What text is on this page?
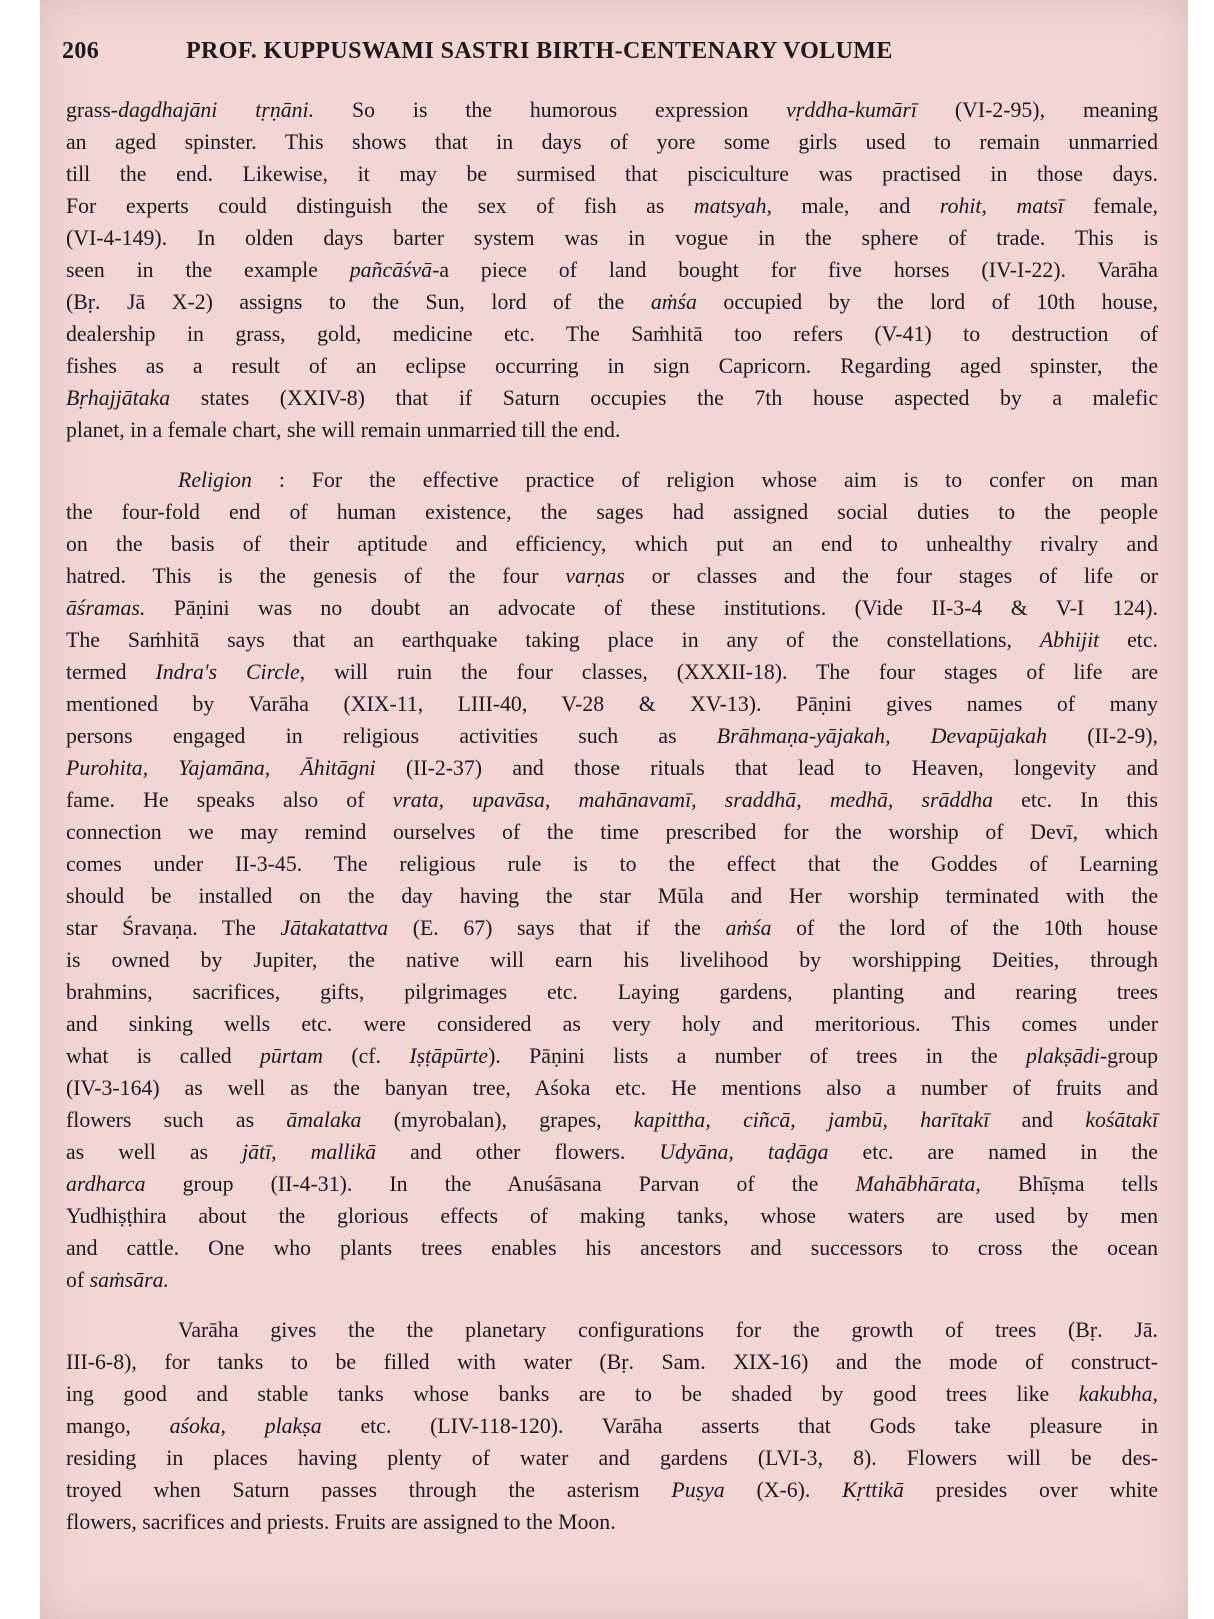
206	PROF. KUPPUSWAMI SASTRI BIRTH-CENTENARY VOLUME
grass-dagdhajāni tṛṇāni. So is the humorous expression vṛddha-kumārī (VI-2-95), meaning
an aged spinster. This shows that in days of yore some girls used to remain unmarried
till the end. Likewise, it may be surmised that pisciculture was practised in those days.
For experts could distinguish the sex of fish as matsyah, male, and rohit, matsī female,
(VI-4-149). In olden days barter system was in vogue in the sphere of trade. This is
seen in the example pañcāśvā-a piece of land bought for five horses (IV-I-22). Varāha
(Bṛ. Jā X-2) assigns to the Sun, lord of the aṁśa occupied by the lord of 10th house,
dealership in grass, gold, medicine etc. The Saṁhitā too refers (V-41) to destruction of
fishes as a result of an eclipse occurring in sign Capricorn. Regarding aged spinster, the
Bṛhajjātaka states (XXIV-8) that if Saturn occupies the 7th house aspected by a malefic
planet, in a female chart, she will remain unmarried till the end.
Religion : For the effective practice of religion whose aim is to confer on man
the four-fold end of human existence, the sages had assigned social duties to the people
on the basis of their aptitude and efficiency, which put an end to unhealthy rivalry and
hatred. This is the genesis of the four varṇas or classes and the four stages of life or
āśramas. Pāṇini was no doubt an advocate of these institutions. (Vide II-3-4 & V-I 124).
The Saṁhitā says that an earthquake taking place in any of the constellations, Abhijit etc.
termed Indra's Circle, will ruin the four classes, (XXXII-18). The four stages of life are
mentioned by Varāha (XIX-11, LIII-40, V-28 & XV-13). Pāṇini gives names of many
persons engaged in religious activities such as Brāhmaṇa-yājakah, Devapūjakah (II-2-9),
Purohita, Yajamāna, Āhitāgni (II-2-37) and those rituals that lead to Heaven, longevity and
fame. He speaks also of vrata, upavāsa, mahānavamī, sraddhā, medhā, srāddha etc. In this
connection we may remind ourselves of the time prescribed for the worship of Devī, which
comes under II-3-45. The religious rule is to the effect that the Goddes of Learning
should be installed on the day having the star Mūla and Her worship terminated with the
star Śravaṇa. The Jātakatattva (E. 67) says that if the aṁśa of the lord of the 10th house
is owned by Jupiter, the native will earn his livelihood by worshipping Deities, through
brahmins, sacrifices, gifts, pilgrimages etc. Laying gardens, planting and rearing trees
and sinking wells etc. were considered as very holy and meritorious. This comes under
what is called pūrtam (cf. Iṣṭāpūrte). Pāṇini lists a number of trees in the plakṣādi-group
(IV-3-164) as well as the banyan tree, Aśoka etc. He mentions also a number of fruits and
flowers such as āmalaka (myrobalan), grapes, kapittha, ciñcā, jambū, harītakī and kośātakī
as well as jātī, mallikā and other flowers. Udyāna, taḍāga etc. are named in the
ardharca group (II-4-31). In the Anuśāsana Parvan of the Mahābhārata, Bhīṣma tells
Yudhiṣṭhira about the glorious effects of making tanks, whose waters are used by men
and cattle. One who plants trees enables his ancestors and successors to cross the ocean
of saṁsāra.
Varāha gives the the planetary configurations for the growth of trees (Bṛ. Jā.
III-6-8), for tanks to be filled with water (Bṛ. Sam. XIX-16) and the mode of construct-
ing good and stable tanks whose banks are to be shaded by good trees like kakubha,
mango, aśoka, plakṣa etc. (LIV-118-120). Varāha asserts that Gods take pleasure in
residing in places having plenty of water and gardens (LVI-3, 8). Flowers will be des-
troyed when Saturn passes through the asterism Puṣya (X-6). Kṛttikā presides over white
flowers, sacrifices and priests. Fruits are assigned to the Moon.
